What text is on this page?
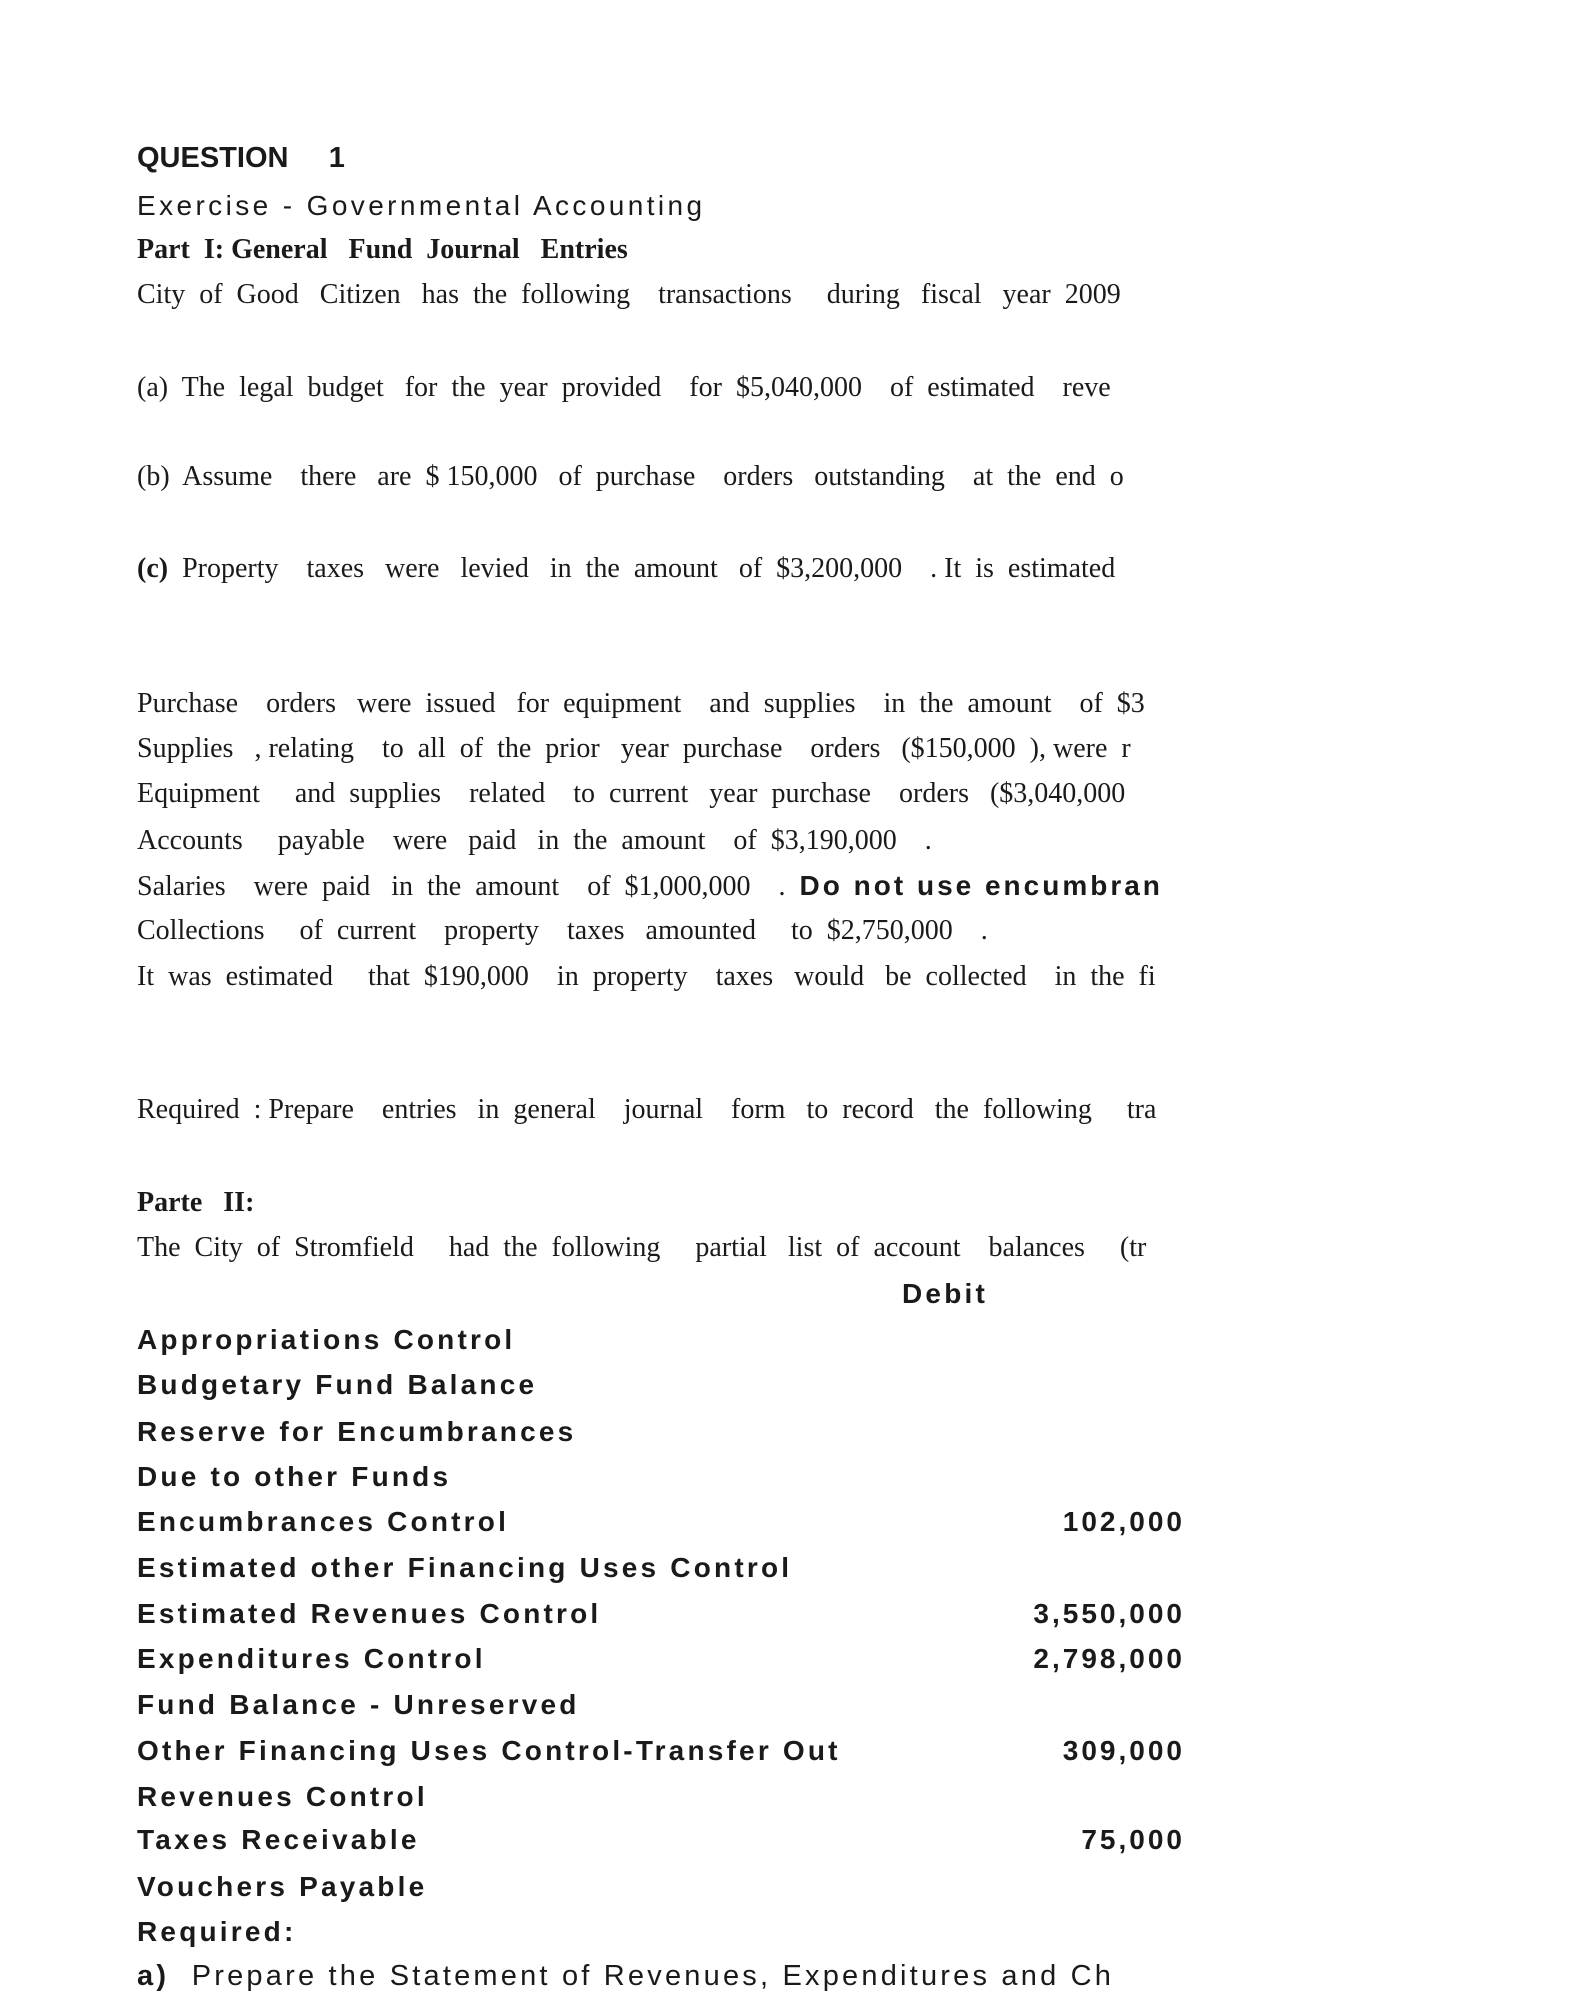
QUESTION 1
Exercise - Governmental Accounting
Part  I: General   Fund  Journal   Entries
City  of  Good   Citizen   has  the  following    transactions     during   fiscal   year  2009
(a)  The  legal  budget   for  the  year  provided    for  $5,040,000    of  estimated    reve
(b)  Assume    there   are  $ 150,000   of  purchase    orders   outstanding    at  the  end  o
(c)  Property    taxes   were   levied   in  the  amount   of  $3,200,000    . It  is  estimated
Purchase    orders   were  issued   for  equipment    and  supplies    in  the  amount    of  $3
Supplies   , relating    to  all  of  the  prior   year  purchase    orders   ($150,000  ), were  r
Equipment     and  supplies    related    to  current   year  purchase    orders   ($3,040,000
Accounts     payable    were   paid   in  the  amount    of  $3,190,000    .
Salaries    were  paid   in  the  amount    of  $1,000,000    .  Do not use encumbran
Collections     of  current    property    taxes   amounted     to  $2,750,000    .
It  was  estimated     that  $190,000    in  property    taxes   would   be  collected    in  the  fi
Required  : Prepare    entries   in  general    journal    form   to  record   the  following     tra
Parte   II:
The  City  of  Stromfield     had  the  following     partial   list  of  account    balances     (tr
Debit
Appropriations Control
Budgetary Fund Balance
Reserve for Encumbrances
Due to other Funds
Encumbrances Control	102,000
Estimated other Financing Uses Control
Estimated Revenues Control	3,550,000
Expenditures Control	2,798,000
Fund Balance - Unreserved
Other Financing Uses Control-Transfer Out	309,000
Revenues Control
Taxes Receivable	75,000
Vouchers Payable
Required:
a)  Prepare the Statement of Revenues, Expenditures and Ch
